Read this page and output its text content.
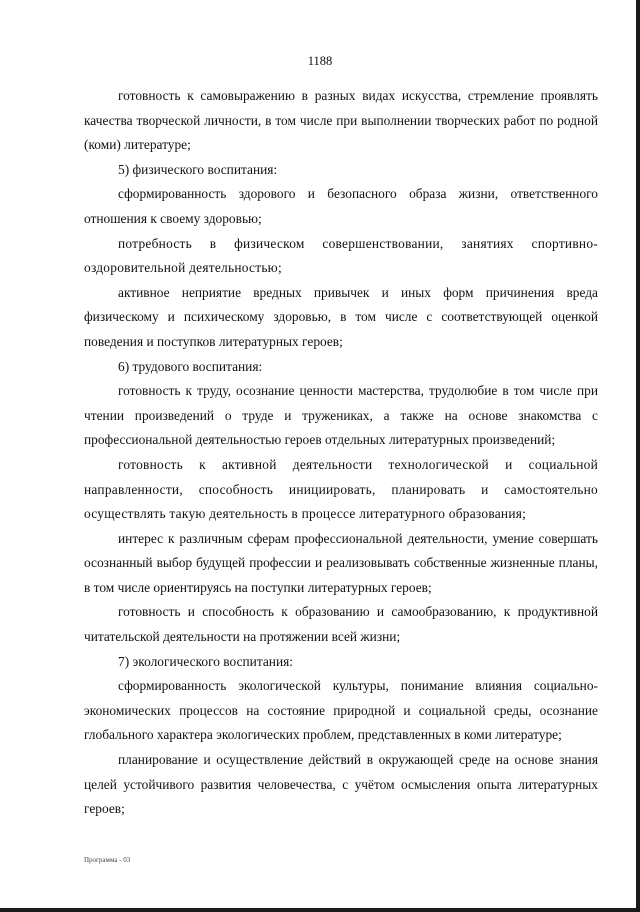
1188

готовность к самовыражению в разных видах искусства, стремление проявлять качества творческой личности, в том числе при выполнении творческих работ по родной (коми) литературе;

5) физического воспитания:

сформированность здорового и безопасного образа жизни, ответственного отношения к своему здоровью;

потребность в физическом совершенствовании, занятиях спортивно-оздоровительной деятельностью;

активное неприятие вредных привычек и иных форм причинения вреда физическому и психическому здоровью, в том числе с соответствующей оценкой поведения и поступков литературных героев;

6) трудового воспитания:

готовность к труду, осознание ценности мастерства, трудолюбие в том числе при чтении произведений о труде и тружениках, а также на основе знакомства с профессиональной деятельностью героев отдельных литературных произведений;

готовность к активной деятельности технологической и социальной направленности, способность инициировать, планировать и самостоятельно осуществлять такую деятельность в процессе литературного образования;

интерес к различным сферам профессиональной деятельности, умение совершать осознанный выбор будущей профессии и реализовывать собственные жизненные планы, в том числе ориентируясь на поступки литературных героев;

готовность и способность к образованию и самообразованию, к продуктивной читательской деятельности на протяжении всей жизни;

7) экологического воспитания:

сформированность экологической культуры, понимание влияния социально-экономических процессов на состояние природной и социальной среды, осознание глобального характера экологических проблем, представленных в коми литературе;

планирование и осуществление действий в окружающей среде на основе знания целей устойчивого развития человечества, с учётом осмысления опыта литературных героев;

Программа - 03
